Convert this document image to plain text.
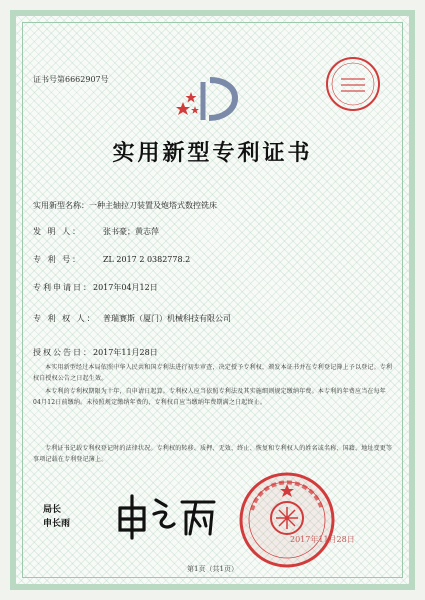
证书号第6662907号
实用新型专利证书
实用新型名称：一种主轴拉刀装置及炮塔式数控铣床
发 明 人：	张书豪；黄志萍
专 利 号：	ZL 2017 2 0382778.2
专利申请日：2017年04月12日
专 利 权 人： 普瑞赛斯（厦门）机械科技有限公司
授权公告日：2017年11月28日
本实用新型经过本局依照中华人民共和国专利法进行初步审查，决定授予专利权，颁发本证书并在专利登记簿上予以登记。专利权自授权公告之日起生效。
本专利的专利权期限为十年，自申请日起算。专利权人应当依照专利法及其实施细则规定缴纳年费。本专利的年费应当在每年04月12日前缴纳。未按照规定缴纳年费的，专利权自应当缴纳年费期满之日起终止。
专利证书记载专利权登记时的法律状况。专利权的转移、质押、无效、终止、恢复和专利权人的姓名或名称、国籍、地址变更等事项记载在专利登记簿上。
局长
申长雨
2017年11月28日
第1页（共1页）
